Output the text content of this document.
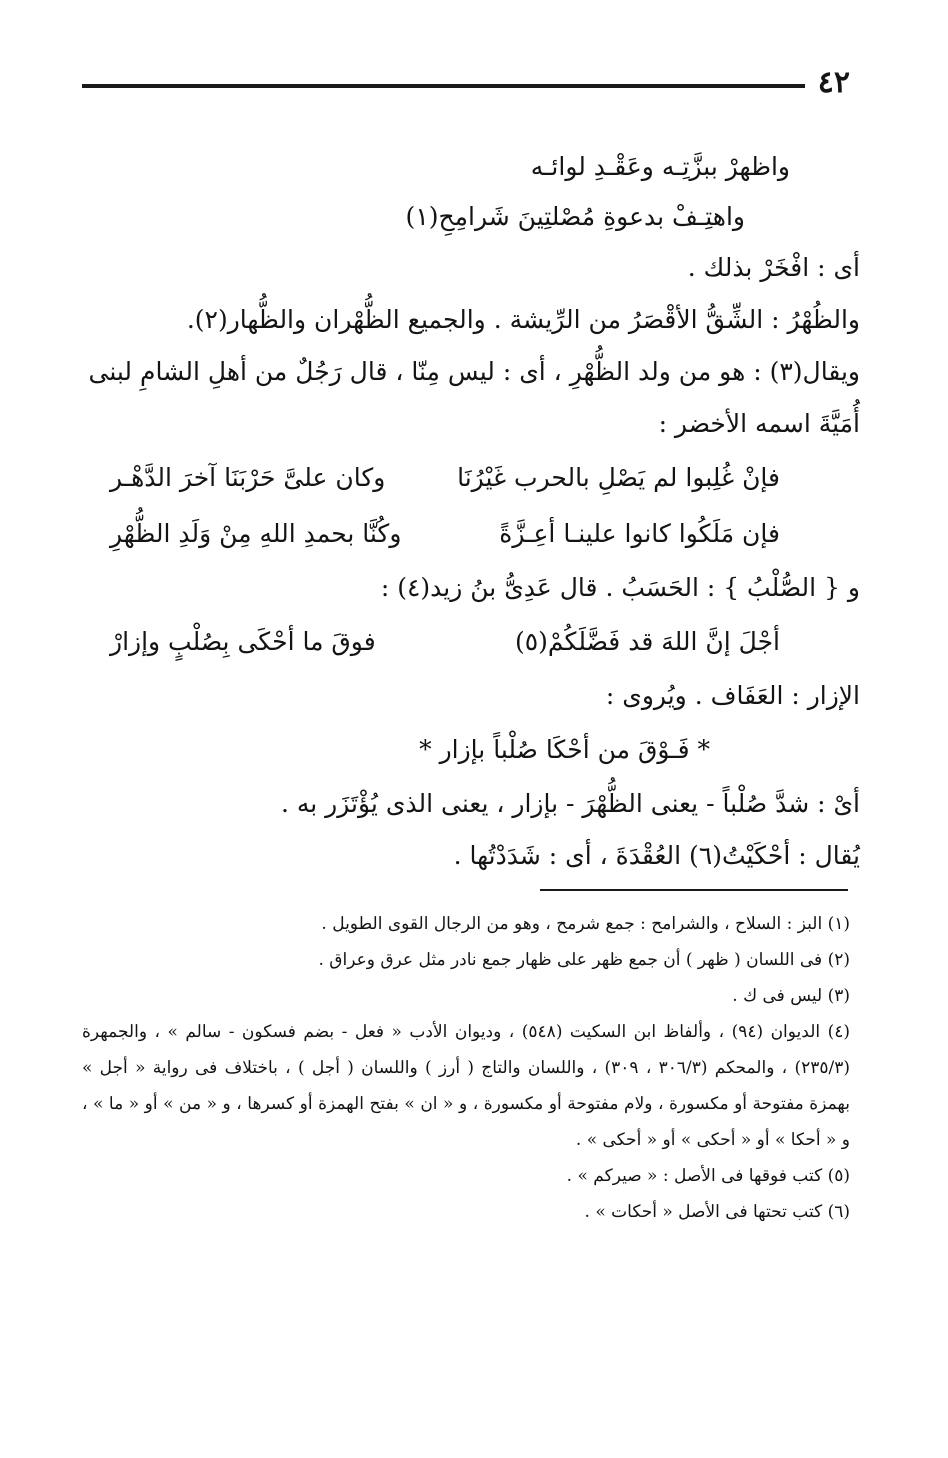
٤٢
واظهرْ ببزَّتِـه وعَقْـدِ لوائـه
واهتِـفْ بدعوةِ مُصْلتِينَ شَرامِحِ(١)
أى : افْخَرْ بذلك .
والظُهْرُ : الشِّقُّ الأقْصَرُ من الرِّيشة . والجميع الظُّهْران والظُّهار(٢).
ويقال(٣) : هو من ولد الظُّهْرِ ، أى : ليس مِنّا ، قال رَجُلٌ من أهلِ الشامِ لبنى
أُمَيَّةَ اسمه الأخضر :
فإنْ غُلِبوا لم يَصْلِ بالحرب غَيْرُنَا
وكان علىَّ حَرْبَنَا آخرَ الدَّهْـر
فإن مَلَكُوا كانوا علينـا أعِـزَّةً
وكُنَّا بحمدِ اللهِ مِنْ وَلَدِ الظُّهْرِ
و { الصُّلْبُ } : الحَسَبُ . قال عَدِىُّ بنُ زيد(٤) :
أجْلَ إنَّ اللهَ قد فَضَّلَكُمْ(٥)
فوقَ ما أحْكَى بِصُلْبٍ وإزارْ
الإزار : العَفَاف . ويُروى :
* فَـوْقَ من أحْكَا صُلْباً بإزار *
أىْ : شدَّ صُلْباً - يعنى الظُّهْرَ - بإزار ، يعنى الذى يُؤْتَزَر به .
يُقال : أحْكَيْتُ(٦) العُقْدَةَ ، أى : شَدَدْتُها .
(١) البز : السلاح ، والشرامح : جمع شرمح ، وهو من الرجال القوى الطويل .
(٢) فى اللسان ( ظهر ) أن جمع ظهر على ظهار جمع نادر مثل عرق وعراق .
(٣) ليس فى ك .
(٤) الديوان (٩٤) ، وألفاظ ابن السكيت (٥٤٨) ، وديوان الأدب « فعل - بضم فسكون - سالم » ، والجمهرة (٢٣٥/٣) ، والمحكم (٣٠٦/٣ ، ٣٠٩) ، واللسان والتاج ( أرز ) واللسان ( أجل ) ، باختلاف فى رواية « أجل » بهمزة مفتوحة أو مكسورة ، ولام مفتوحة أو مكسورة ، و « ان » بفتح الهمزة أو كسرها ، و « من » أو « ما » ، و « أحكا » أو « أحكى » أو « أحكى » .
(٥) كتب فوقها فى الأصل : « صيركم » .
(٦) كتب تحتها فى الأصل « أحكات » .
